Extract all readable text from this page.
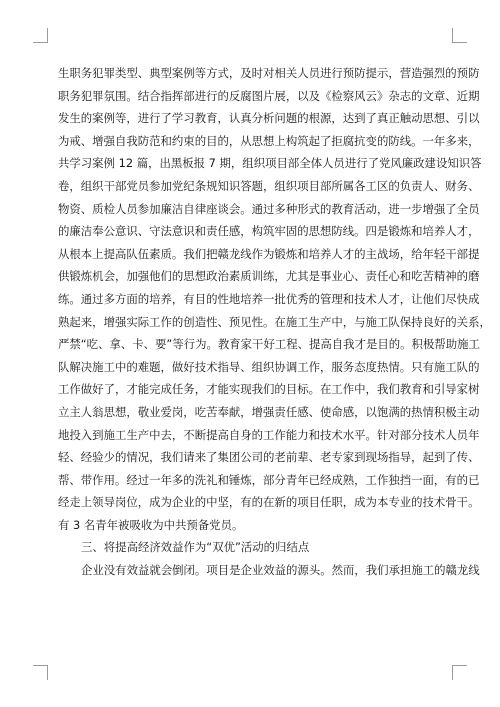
生职务犯罪类型、典型案例等方式，及时对相关人员进行预防提示，营造强烈的预防
职务犯罪氛围。结合指挥部进行的反腐图片展，以及《检察风云》杂志的文章、近期
发生的案例等，进行了学习教育，认真分析问题的根源，达到了真正触动思想、引以
为戒、增强自我防范和约束的目的，从思想上构筑起了拒腐抗变的防线。一年多来，
共学习案例 12 篇，出黑板报 7 期，组织项目部全体人员进行了党风廉政建设知识答
卷，组织干部党员参加党纪条规知识答题，组织项目部所属各工区的负责人、财务、
物资、质检人员参加廉洁自律座谈会。通过多种形式的教育活动，进一步增强了全员
的廉洁奉公意识、守法意识和责任感，构筑牢固的思想防线。四是锻炼和培养人才，
从根本上提高队伍素质。我们把赣龙线作为锻炼和培养人才的主战场，给年轻干部提
供锻炼机会，加强他们的思想政治素质训练，尤其是事业心、责任心和吃苦精神的磨
练。通过多方面的培养，有目的性地培养一批优秀的管理和技术人才，让他们尽快成
熟起来，增强实际工作的创造性、预见性。在施工生产中，与施工队保持良好的关系，
严禁“吃、拿、卡、要”等行为。教育家干好工程、提高自我才是目的。积极帮助施工
队解决施工中的难题，做好技术指导、组织协调工作，服务态度热情。只有施工队的
工作做好了，才能完成任务，才能实现我们的目标。在工作中，我们教育和引导家树
立主人翁思想，敬业爱岗，吃苦奉献，增强责任感、使命感，以饱满的热情积极主动
地投入到施工生产中去，不断提高自身的工作能力和技术水平。针对部分技术人员年
轻、经验少的情况，我们请来了集团公司的老前辈、老专家到现场指导，起到了传、
帮、带作用。经过一年多的洗礼和锤炼，部分青年已经成熟，工作独挡一面，有的已
经走上领导岗位，成为企业的中坚，有的在新的项目任职，成为本专业的技术骨干。
有 3 名青年被吸收为中共预备党员。
三、将提高经济效益作为“双优”活动的归结点
企业没有效益就会倒闭。项目是企业效益的源头。然而，我们承担施工的赣龙线
